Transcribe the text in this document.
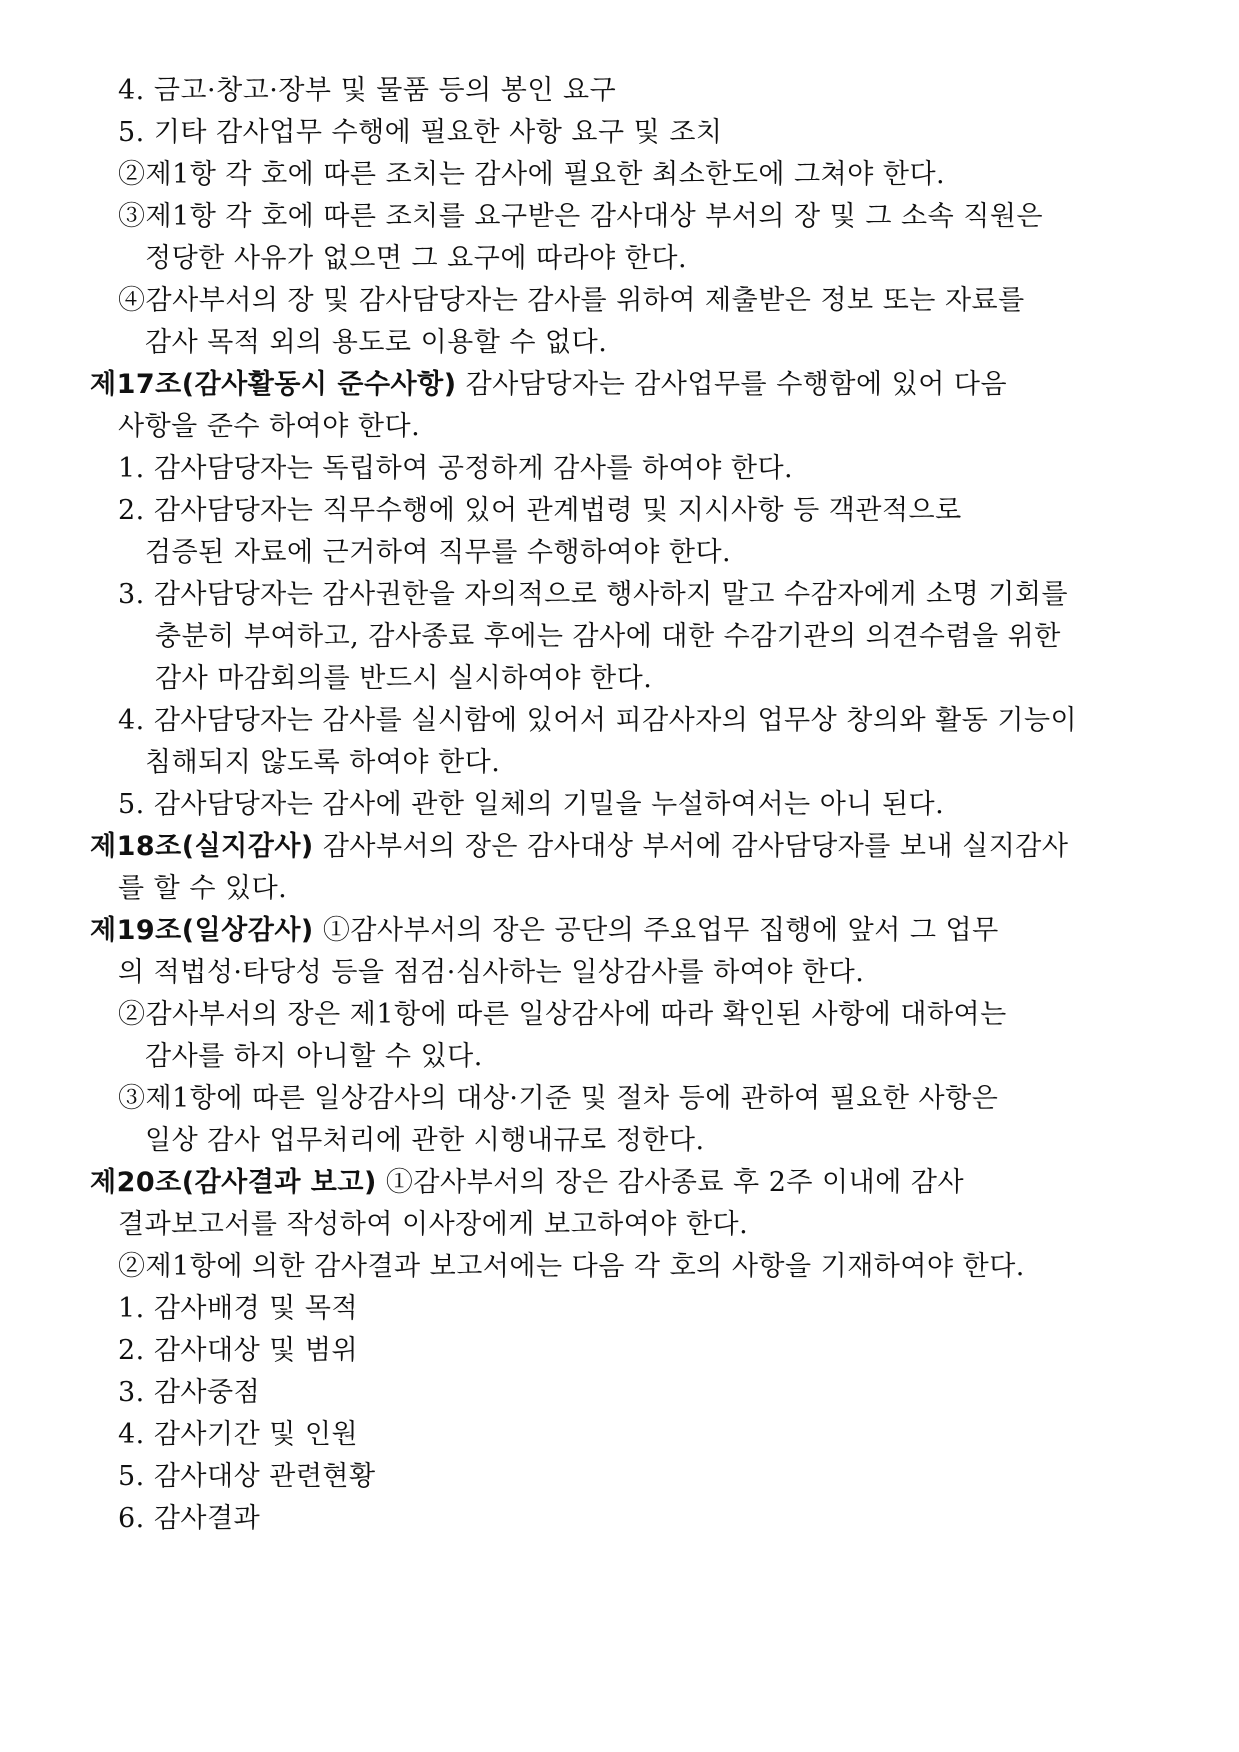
4. 금고·창고·장부 및 물품 등의 봉인 요구
5. 기타 감사업무 수행에 필요한 사항 요구 및 조치
②제1항 각 호에 따른 조치는 감사에 필요한 최소한도에 그쳐야 한다.
③제1항 각 호에 따른 조치를 요구받은 감사대상 부서의 장 및 그 소속 직원은
정당한 사유가 없으면 그 요구에 따라야 한다.
④감사부서의 장 및 감사담당자는 감사를 위하여 제출받은 정보 또는 자료를
감사 목적 외의 용도로 이용할 수 없다.
제17조(감사활동시 준수사항) 감사담당자는 감사업무를 수행함에 있어 다음
사항을 준수 하여야 한다.
1. 감사담당자는 독립하여 공정하게 감사를 하여야 한다.
2. 감사담당자는 직무수행에 있어 관계법령 및 지시사항 등 객관적으로
검증된 자료에 근거하여 직무를 수행하여야 한다.
3. 감사담당자는 감사권한을 자의적으로 행사하지 말고 수감자에게 소명 기회를
충분히 부여하고, 감사종료 후에는 감사에 대한 수감기관의 의견수렴을 위한
감사 마감회의를 반드시 실시하여야 한다.
4. 감사담당자는 감사를 실시함에 있어서 피감사자의 업무상 창의와 활동 기능이
침해되지 않도록 하여야 한다.
5. 감사담당자는 감사에 관한 일체의 기밀을 누설하여서는 아니 된다.
제18조(실지감사) 감사부서의 장은 감사대상 부서에 감사담당자를 보내 실지감사
를 할 수 있다.
제19조(일상감사) ①감사부서의 장은 공단의 주요업무 집행에 앞서 그 업무
의 적법성·타당성 등을 점검·심사하는 일상감사를 하여야 한다.
②감사부서의 장은 제1항에 따른 일상감사에 따라 확인된 사항에 대하여는
감사를 하지 아니할 수 있다.
③제1항에 따른 일상감사의 대상·기준 및 절차 등에 관하여 필요한 사항은
일상 감사 업무처리에 관한 시행내규로 정한다.
제20조(감사결과 보고) ①감사부서의 장은 감사종료 후 2주 이내에 감사
결과보고서를 작성하여 이사장에게 보고하여야 한다.
②제1항에 의한 감사결과 보고서에는 다음 각 호의 사항을 기재하여야 한다.
1. 감사배경 및 목적
2. 감사대상 및 범위
3. 감사중점
4. 감사기간 및 인원
5. 감사대상 관련현황
6. 감사결과
